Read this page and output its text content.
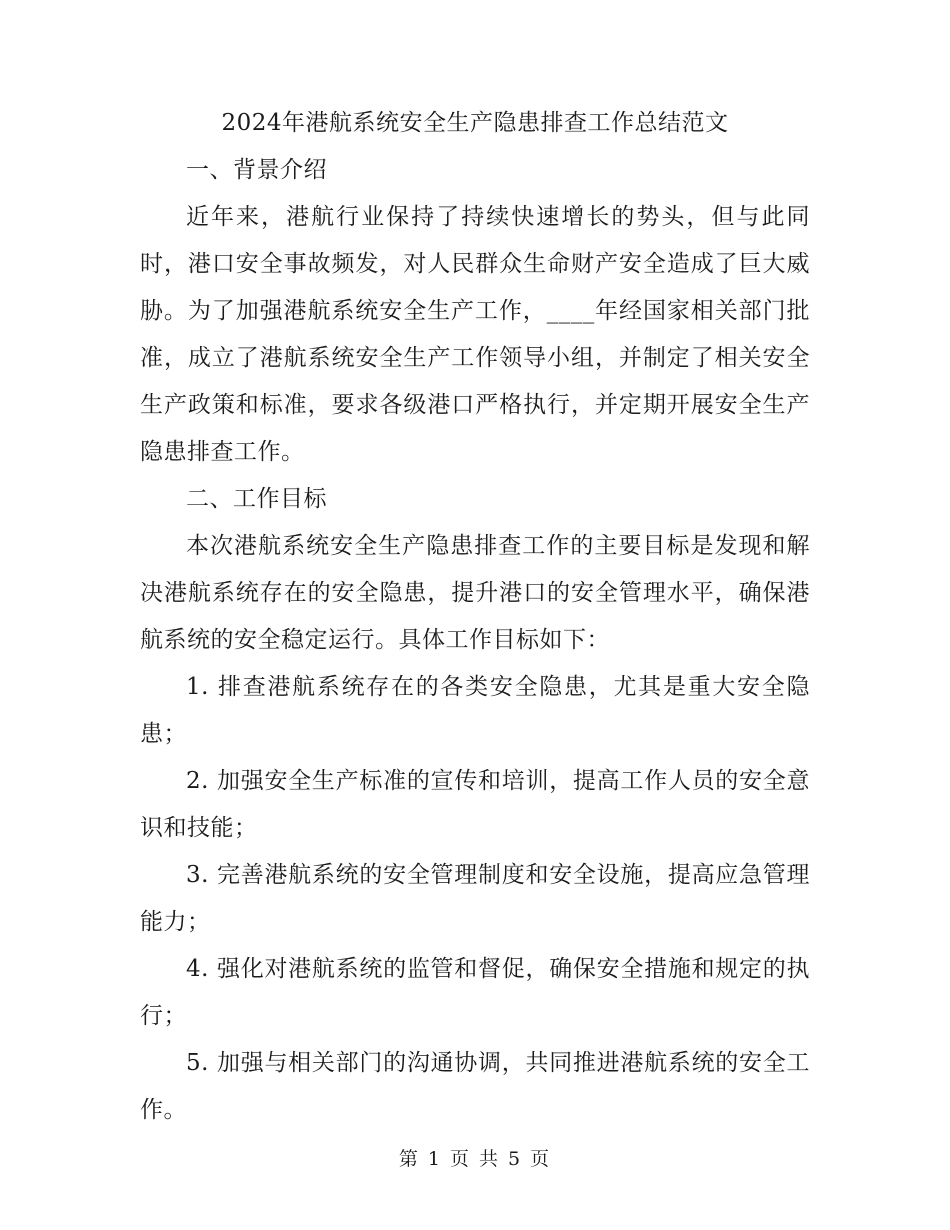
2024年港航系统安全生产隐患排查工作总结范文

一、背景介绍

近年来，港航行业保持了持续快速增长的势头，但与此同时，港口安全事故频发，对人民群众生命财产安全造成了巨大威胁。为了加强港航系统安全生产工作，____年经国家相关部门批准，成立了港航系统安全生产工作领导小组，并制定了相关安全生产政策和标准，要求各级港口严格执行，并定期开展安全生产隐患排查工作。

二、工作目标

本次港航系统安全生产隐患排查工作的主要目标是发现和解决港航系统存在的安全隐患，提升港口的安全管理水平，确保港航系统的安全稳定运行。具体工作目标如下：

1. 排查港航系统存在的各类安全隐患，尤其是重大安全隐患；

2. 加强安全生产标准的宣传和培训，提高工作人员的安全意识和技能；

3. 完善港航系统的安全管理制度和安全设施，提高应急管理能力；

4. 强化对港航系统的监管和督促，确保安全措施和规定的执行；

5. 加强与相关部门的沟通协调，共同推进港航系统的安全工作。

第 1 页 共 5 页
